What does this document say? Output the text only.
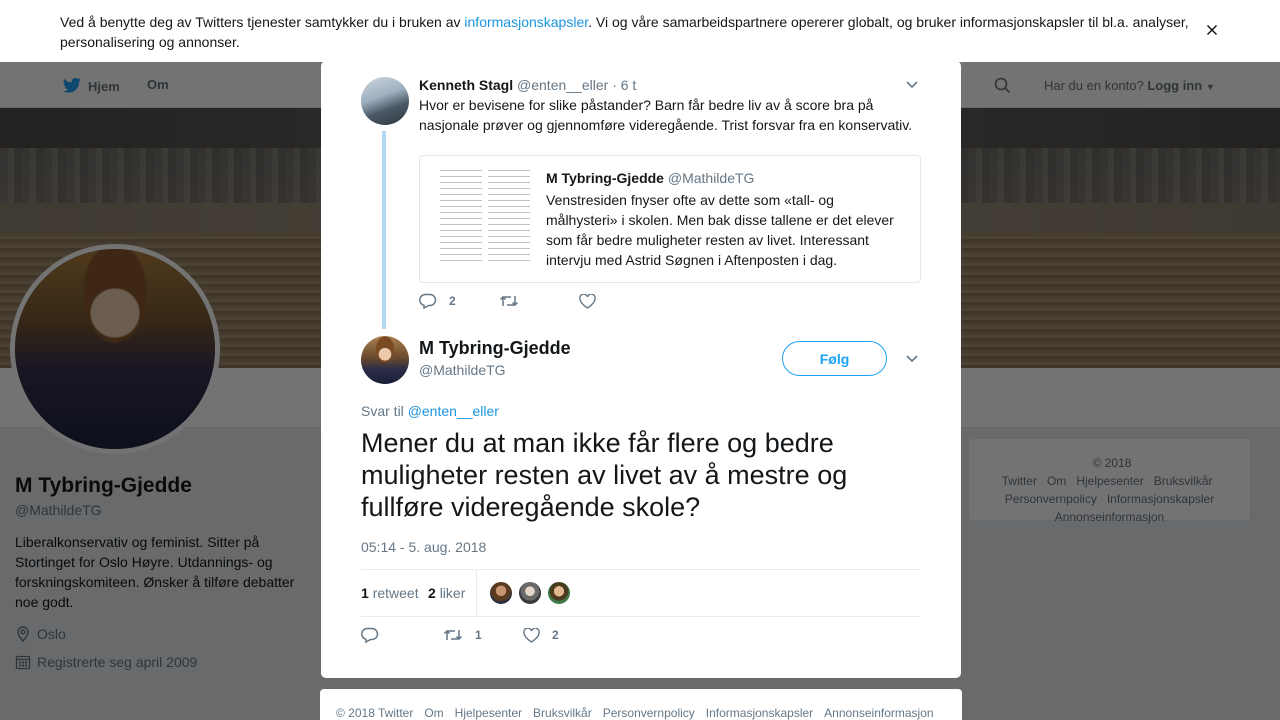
Ved å benytte deg av Twitters tjenester samtykker du i bruken av informasjonskapsler. Vi og våre samarbeidspartnere opererer globalt, og bruker informasjonskapsler til bl.a. analyser, personalisering og annonser.
Kenneth Stagl @enten__eller · 6 t
Hvor er bevisene for slike påstander? Barn får bedre liv av å score bra på nasjonale prøver og gjennomføre videregående. Trist forsvar fra en konservativ.
M Tybring-Gjedde @MathildeTG
Venstresiden fnyser ofte av dette som «tall- og målhysteri» i skolen. Men bak disse tallene er det elever som får bedre muligheter resten av livet. Interessant intervju med Astrid Søgnen i Aftenposten i dag.
2
M Tybring-Gjedde
@MathildeTG
Følg
Svar til @enten__eller
Mener du at man ikke får flere og bedre muligheter resten av livet av å mestre og fullføre videregående skole?
05:14 - 5. aug. 2018
1 retweet 2 liker
1	2
© 2018 Twitter Om Hjelpesenter Bruksvilkår Personvernpolicy Informasjonskapsler Annonseinformasjon
